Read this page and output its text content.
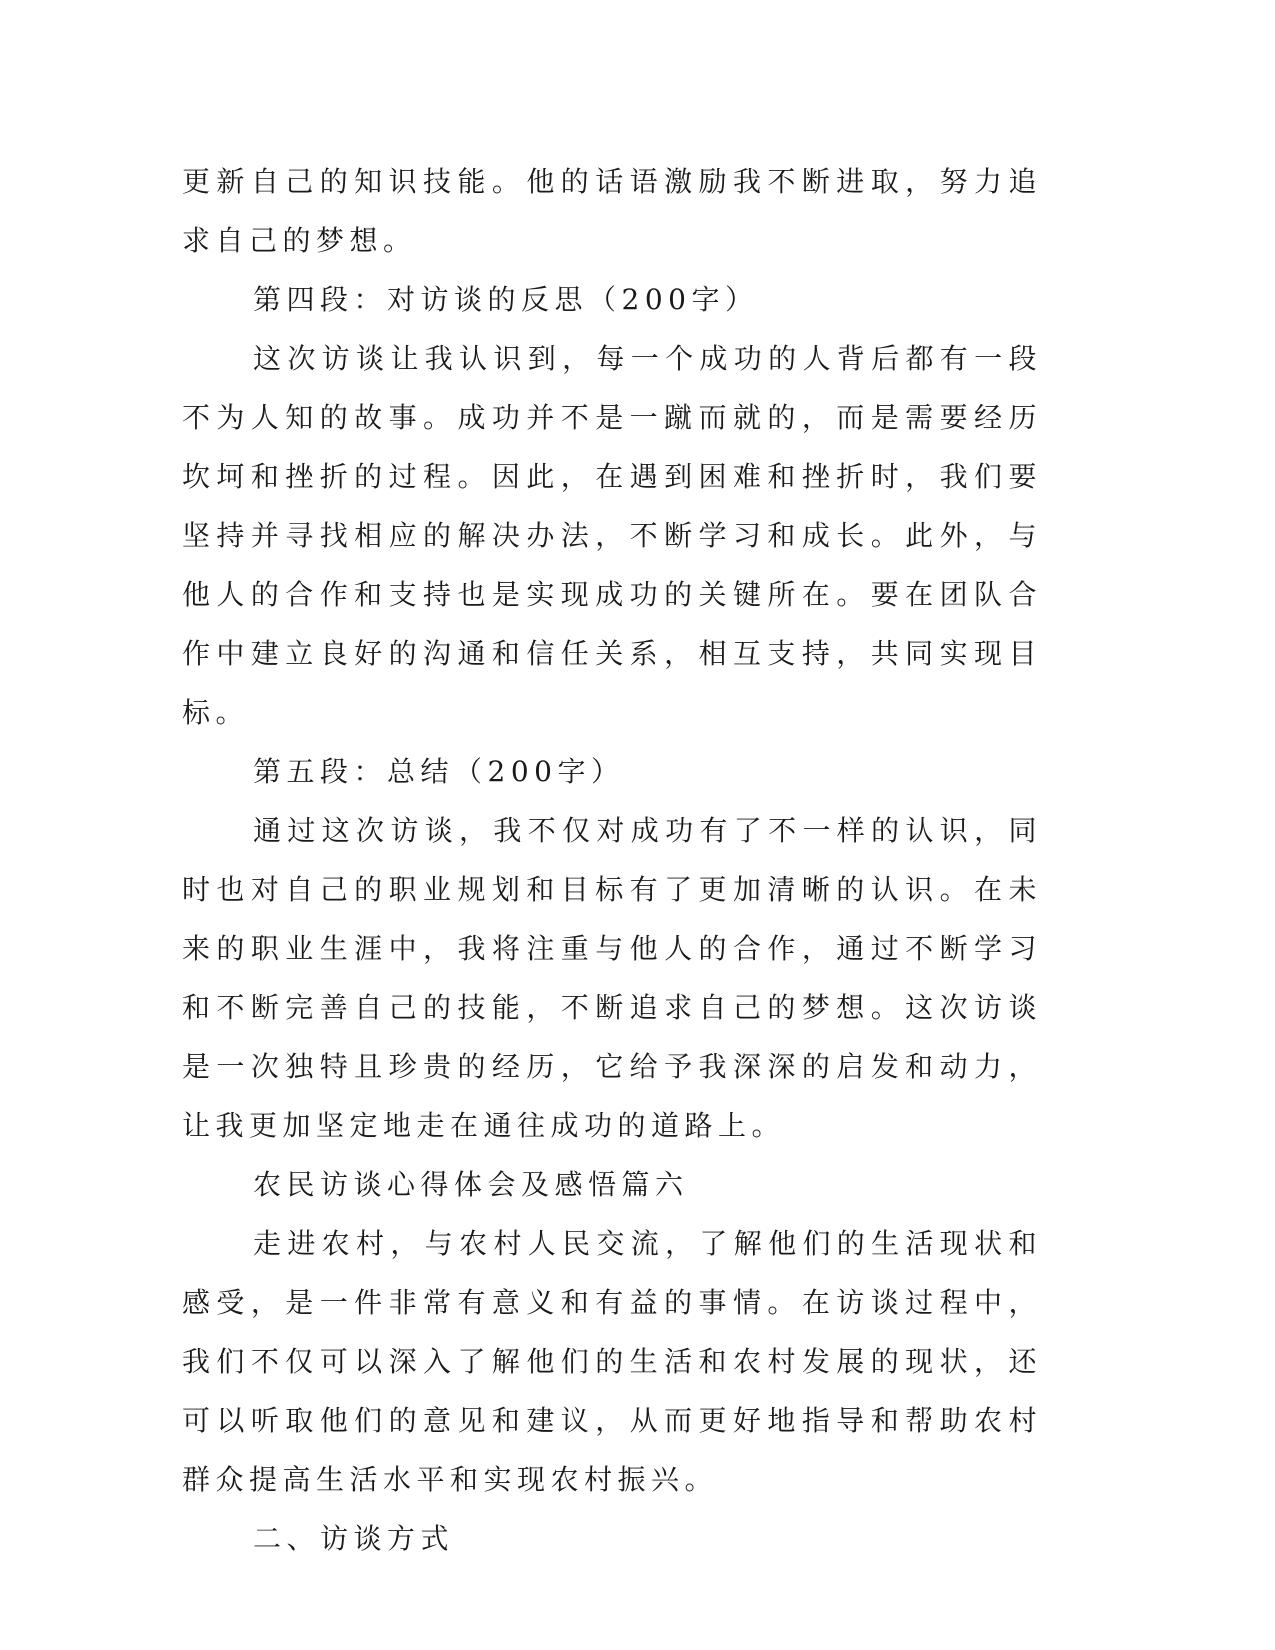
更新自己的知识技能。他的话语激励我不断进取，努力追求自己的梦想。

第四段：对访谈的反思（200字）

这次访谈让我认识到，每一个成功的人背后都有一段不为人知的故事。成功并不是一蹴而就的，而是需要经历坎坷和挫折的过程。因此，在遇到困难和挫折时，我们要坚持并寻找相应的解决办法，不断学习和成长。此外，与他人的合作和支持也是实现成功的关键所在。要在团队合作中建立良好的沟通和信任关系，相互支持，共同实现目标。

第五段：总结（200字）

通过这次访谈，我不仅对成功有了不一样的认识，同时也对自己的职业规划和目标有了更加清晰的认识。在未来的职业生涯中，我将注重与他人的合作，通过不断学习和不断完善自己的技能，不断追求自己的梦想。这次访谈是一次独特且珍贵的经历，它给予我深深的启发和动力，让我更加坚定地走在通往成功的道路上。

农民访谈心得体会及感悟篇六

走进农村，与农村人民交流，了解他们的生活现状和感受，是一件非常有意义和有益的事情。在访谈过程中，我们不仅可以深入了解他们的生活和农村发展的现状，还可以听取他们的意见和建议，从而更好地指导和帮助农村群众提高生活水平和实现农村振兴。

二、访谈方式
